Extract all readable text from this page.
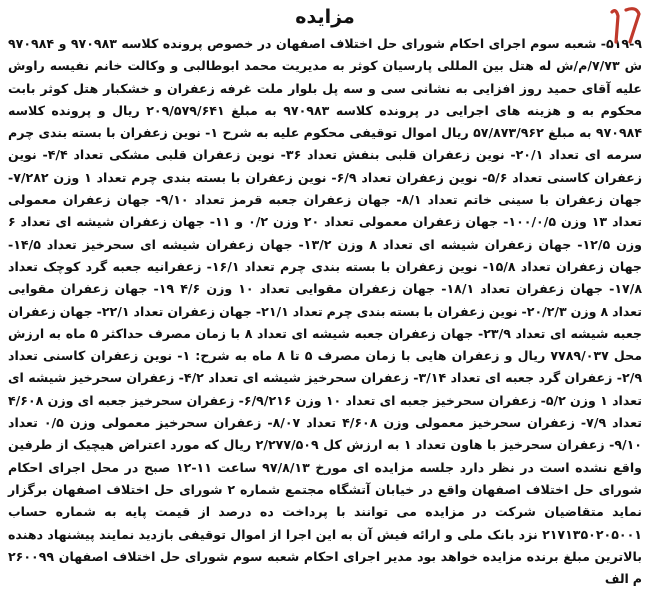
مزایده

۵۱۹-۹- شعبه سوم اجرای احکام شورای حل اختلاف اصفهان در خصوص پرونده کلاسه ۹۷۰۹۸۳ و ۹۷۰۹۸۴ ش ۷/۷۳/م/ش له هتل بین المللی پارسیان کوثر به مدیریت محمد ابوطالبی و وکالت خانم نفیسه راوش علیه آقای حمید روز افزایی به نشانی سی و سه پل بلوار ملت غرفه زعفران و خشکبار هتل کوثر بابت محکوم به و هزینه های اجرایی در پرونده کلاسه ۹۷۰۹۸۳ به مبلغ ۲۰۹/۵۷۹/۶۴۱ ریال و پرونده کلاسه ۹۷۰۹۸۴ به مبلغ ۵۷/۸۷۳/۹۶۲ ریال اموال توقیفی محکوم علیه به شرح ۱- نوین زعفران با بسته بندی چرم سرمه ای تعداد ۲۰/۱- نوین زعفران قلبی بنفش تعداد ۳۶- نوین زعفران قلبی مشکی تعداد ۴/۴- نوین زعفران کاسنی تعداد ۵/۶- نوین زعفران تعداد ۶/۹- نوین زعفران با بسته بندی چرم تعداد ۱ وزن ۷/۲۸۲- جهان زعفران با سینی خاتم تعداد ۸/۱- جهان زعفران جعبه قرمز تعداد ۹/۱۰- جهان زعفران معمولی تعداد ۱۳ وزن ۱۰۰/۰/۵- جهان زعفران معمولی تعداد ۲۰ وزن ۰/۲ و ۱۱- جهان زعفران شیشه ای تعداد ۶ وزن ۱۲/۵- جهان زعفران شیشه ای تعداد ۸ وزن ۱۳/۲- جهان زعفران شیشه ای سحرخیز تعداد ۱۴/۵- جهان زعفران تعداد ۱۵/۸- نوین زعفران با بسته بندی چرم تعداد ۱۶/۱- زعفرانیه جعبه گرد کوچک تعداد ۱۷/۸- جهان زعفران تعداد ۱۸/۱- جهان زعفران مقوایی تعداد ۱۰ وزن ۴/۶ ۱۹- جهان زعفران مقوایی تعداد ۸ وزن ۲۰/۲/۳- نوین زعفران با بسته بندی چرم تعداد ۲۱/۱- جهان زعفران تعداد ۲۲/۱- جهان زعفران جعبه شیشه ای تعداد ۲۳/۹- جهان زعفران جعبه شیشه ای تعداد ۸ با زمان مصرف حداکثر ۵ ماه به ارزش محل ۷۷۸۹/۰۳۷ ریال و زعفران هایی با زمان مصرف ۵ تا ۸ ماه به شرح: ۱- نوین زعفران کاسنی تعداد ۲/۹- زعفران گرد جعبه ای تعداد ۳/۱۴- زعفران سحرخیز شیشه ای تعداد ۴/۲- زعفران سحرخیز شیشه ای تعداد ۱ وزن ۵/۲- زعفران سحرخیز جعبه ای تعداد ۱۰ وزن ۶/۹/۲۱۶- زعفران سحرخیز جعبه ای وزن ۴/۶۰۸ تعداد ۷/۹- زعفران سحرخیز معمولی وزن ۴/۶۰۸ تعداد ۸/۰۷- زعفران سحرخیز معمولی وزن ۰/۵ تعداد ۹/۱۰- زعفران سحرخیز با هاون تعداد ۱ به ارزش کل ۲/۲۷۷/۵۰۹ ریال که مورد اعتراض هیچیک از طرفین واقع نشده است در نظر دارد جلسه مزایده ای مورخ ۹۷/۸/۱۳ ساعت ۱۱-۱۲ صبح در محل اجرای احکام شورای حل اختلاف اصفهان واقع در خیابان آتشگاه مجتمع شماره ۲ شورای حل اختلاف اصفهان برگزار نماید متقاضیان شرکت در مزایده می توانند با پرداخت ده درصد از قیمت پایه به شماره حساب ۲۱۷۱۳۵۰۲۰۵۰۰۱ نزد بانک ملی و ارائه فیش آن به این اجرا از اموال توقیفی بازدید نمایند پیشنهاد دهنده بالاترین مبلغ برنده مزایده خواهد بود مدیر اجرای احکام شعبه سوم شورای حل اختلاف اصفهان ۲۶۰۰۹۹ م الف
